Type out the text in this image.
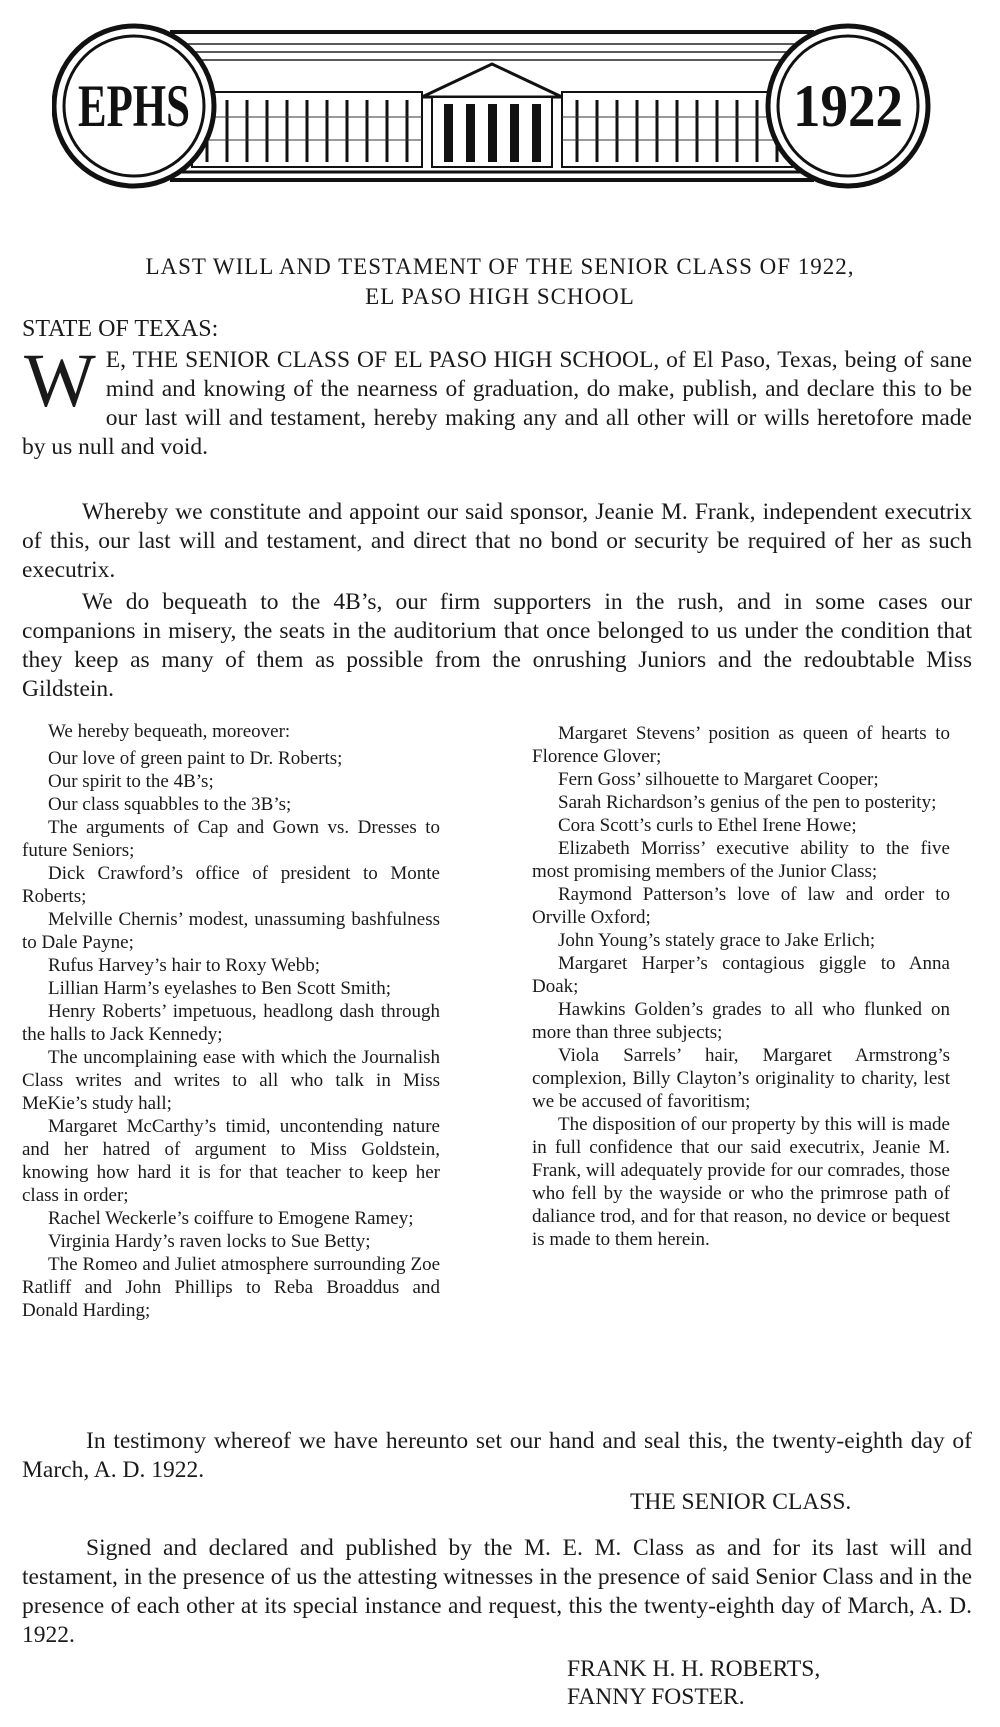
EPHS	1922
LAST WILL AND TESTAMENT OF THE SENIOR CLASS OF 1922,
EL PASO HIGH SCHOOL
STATE OF TEXAS:
W E, THE SENIOR CLASS OF EL PASO HIGH SCHOOL, of El Paso, Texas, being of sane mind and knowing of the nearness of graduation, do make, publish, and declare this to be our last will and testament, hereby making any and all other will or wills heretofore made by us null and void.
Whereby we constitute and appoint our said sponsor, Jeanie M. Frank, independent executrix of this, our last will and testament, and direct that no bond or security be required of her as such executrix.
We do bequeath to the 4B’s, our firm supporters in the rush, and in some cases our companions in misery, the seats in the auditorium that once belonged to us under the condition that they keep as many of them as possible from the onrushing Juniors and the redoubtable Miss Gildstein.

We hereby bequeath, moreover:

Our love of green paint to Dr. Roberts;

Our spirit to the 4B’s;

Our class squabbles to the 3B’s;

The arguments of Cap and Gown vs. Dresses to future Seniors;

Dick Crawford’s office of president to Monte Roberts;

Melville Chernis’ modest, unassuming bashfulness to Dale Payne;

Rufus Harvey’s hair to Roxy Webb;

Lillian Harm’s eyelashes to Ben Scott Smith;

Henry Roberts’ impetuous, headlong dash through the halls to Jack Kennedy;

The uncomplaining ease with which the Journalish Class writes and writes to all who talk in Miss MeKie’s study hall;

Margaret McCarthy’s timid, uncontending nature and her hatred of argument to Miss Goldstein, knowing how hard it is for that teacher to keep her class in order;

Rachel Weckerle’s coiffure to Emogene Ramey;

Virginia Hardy’s raven locks to Sue Betty;

The Romeo and Juliet atmosphere surrounding Zoe Ratliff and John Phillips to Reba Broaddus and Donald Harding;

Margaret Stevens’ position as queen of hearts to Florence Glover;

Fern Goss’ silhouette to Margaret Cooper;

Sarah Richardson’s genius of the pen to posterity;

Cora Scott’s curls to Ethel Irene Howe;

Elizabeth Morriss’ executive ability to the five most promising members of the Junior Class;

Raymond Patterson’s love of law and order to Orville Oxford;

John Young’s stately grace to Jake Erlich;

Margaret Harper’s contagious giggle to Anna Doak;

Hawkins Golden’s grades to all who flunked on more than three subjects;

Viola Sarrels’ hair, Margaret Armstrong’s complexion, Billy Clayton’s originality to charity, lest we be accused of favoritism;

The disposition of our property by this will is made in full confidence that our said executrix, Jeanie M. Frank, will adequately provide for our comrades, those who fell by the wayside or who the primrose path of daliance trod, and for that reason, no device or bequest is made to them herein.

In testimony whereof we have hereunto set our hand and seal this, the twenty-eighth day of March, A. D. 1922.
THE SENIOR CLASS.
Signed and declared and published by the M. E. M. Class as and for its last will and testament, in the presence of us the attesting witnesses in the presence of said Senior Class and in the presence of each other at its special instance and request, this the twenty-eighth day of March, A. D. 1922.
FRANK H. H. ROBERTS,
FANNY FOSTER.
